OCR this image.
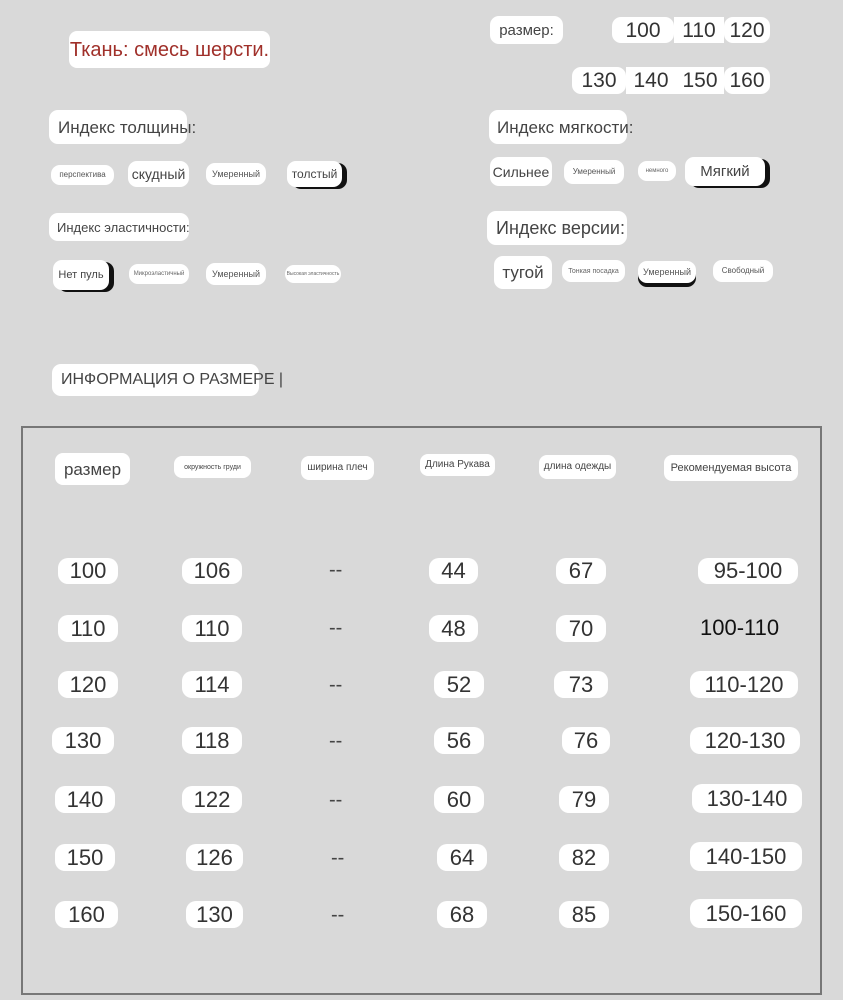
Ткань: смесь шерсти.
размер:	100	110 120
130 140 150 160
Индекс толщины:
перспектива	скудный	Умеренный	толстый
Индекс мягкости:
Сильнее	Умеренный	немного	Мягкий
Индекс эластичности:
Нет пуль	Микроэластичный	Умеренный	Высокая эластичность
Индекс версии:
тугой	Тонкая посадка	Умеренный	Свободный
ИНФОРМАЦИЯ О РАЗМЕРЕ |
размер	окружность груди	ширина плеч	Длина Рукава	длина одежды	Рекомендуемая высота
100	106	--	44	67	95-100
110	110	--	48	70	100-110
120	114	--	52	73	110-120
130	118	--	56	76	120-130
140	122	--	60	79	130-140
150	126	--	64	82	140-150
160	130	--	68	85	150-160
